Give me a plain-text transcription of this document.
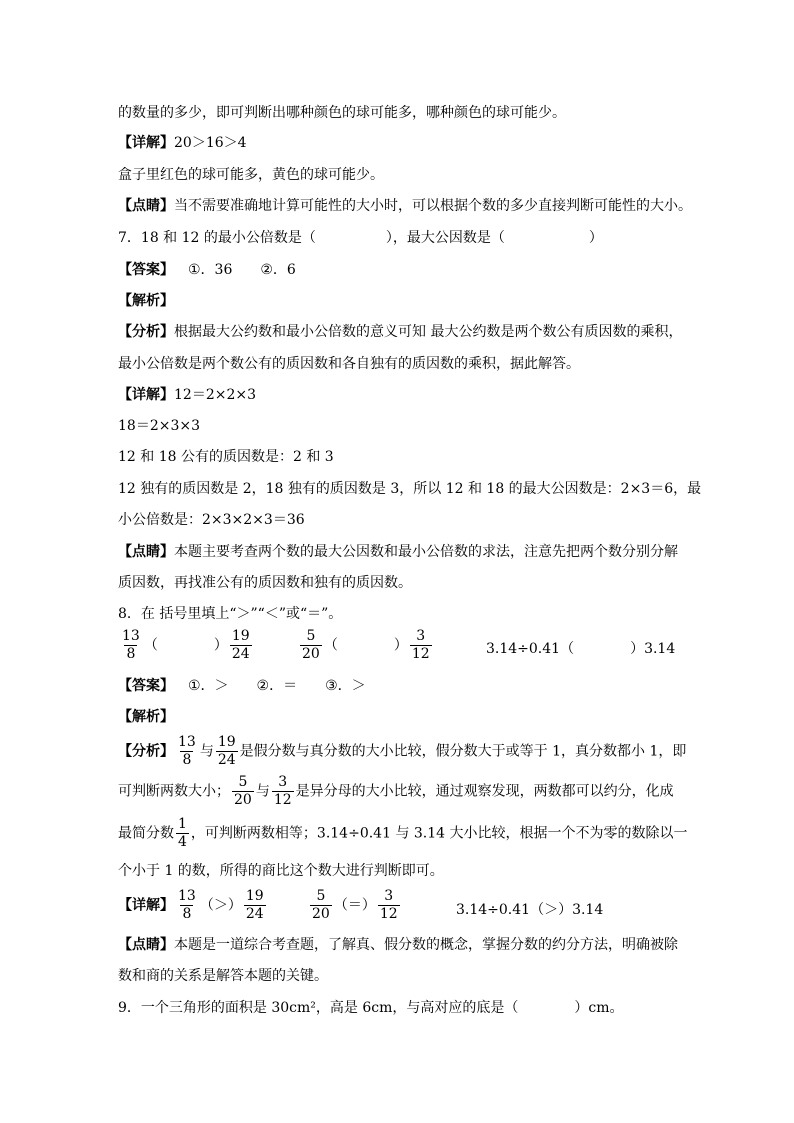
的数量的多少，即可判断出哪种颜色的球可能多，哪种颜色的球可能少。
【详解】20＞16＞4
盒子里红色的球可能多，黄色的球可能少。
【点睛】当不需要准确地计算可能性的大小时，可以根据个数的多少直接判断可能性的大小。
7．18 和 12 的最小公倍数是（　　　　　），最大公因数是（　　　　　　）
【答案】 ①．36　　②．6
【解析】
【分析】根据最大公约数和最小公倍数的意义可知 最大公约数是两个数公有质因数的乘积，
最小公倍数是两个数公有的质因数和各自独有的质因数的乘积，据此解答。
【详解】12＝2×2×3
18＝2×3×3
12 和 18 公有的质因数是：2 和 3
12 独有的质因数是 2，18 独有的质因数是 3，所以 12 和 18 的最大公因数是：2×3＝6，最
小公倍数是：2×3×2×3＝36
【点睛】本题主要考查两个数的最大公因数和最小公倍数的求法，注意先把两个数分别分解
质因数，再找准公有的质因数和独有的质因数。
8．在 括号里填上“＞”“＜”或“＝”。
$\frac{13}{8}$ （　　　　） $\frac{19}{24}$	$\frac{5}{20}$ （　　　　） $\frac{3}{12}$	3.14÷0.41（　　　　）3.14
【答案】 ①．＞　　②．＝　　③．＞
【解析】
【分析】 $\frac{13}{8}$ 与 $\frac{19}{24}$ 是假分数与真分数的大小比较，假分数大于或等于 1，真分数都小 1，即
可判断两数大小； $\frac{5}{20}$ 与 $\frac{3}{12}$ 是异分母的大小比较，通过观察发现，两数都可以约分，化成
最简分数 $\frac{1}{4}$ ，可判断两数相等；3.14÷0.41 与 3.14 大小比较，根据一个不为零的数除以一
个小于 1 的数，所得的商比这个数大进行判断即可。
【详解】 $\frac{13}{8}$ （＞） $\frac{19}{24}$	$\frac{5}{20}$ （＝） $\frac{3}{12}$	3.14÷0.41（＞）3.14
【点睛】本题是一道综合考查题，了解真、假分数的概念，掌握分数的约分方法，明确被除
数和商的关系是解答本题的关键。
9．一个三角形的面积是 30cm²，高是 6cm，与高对应的底是（　　　　）cm。
